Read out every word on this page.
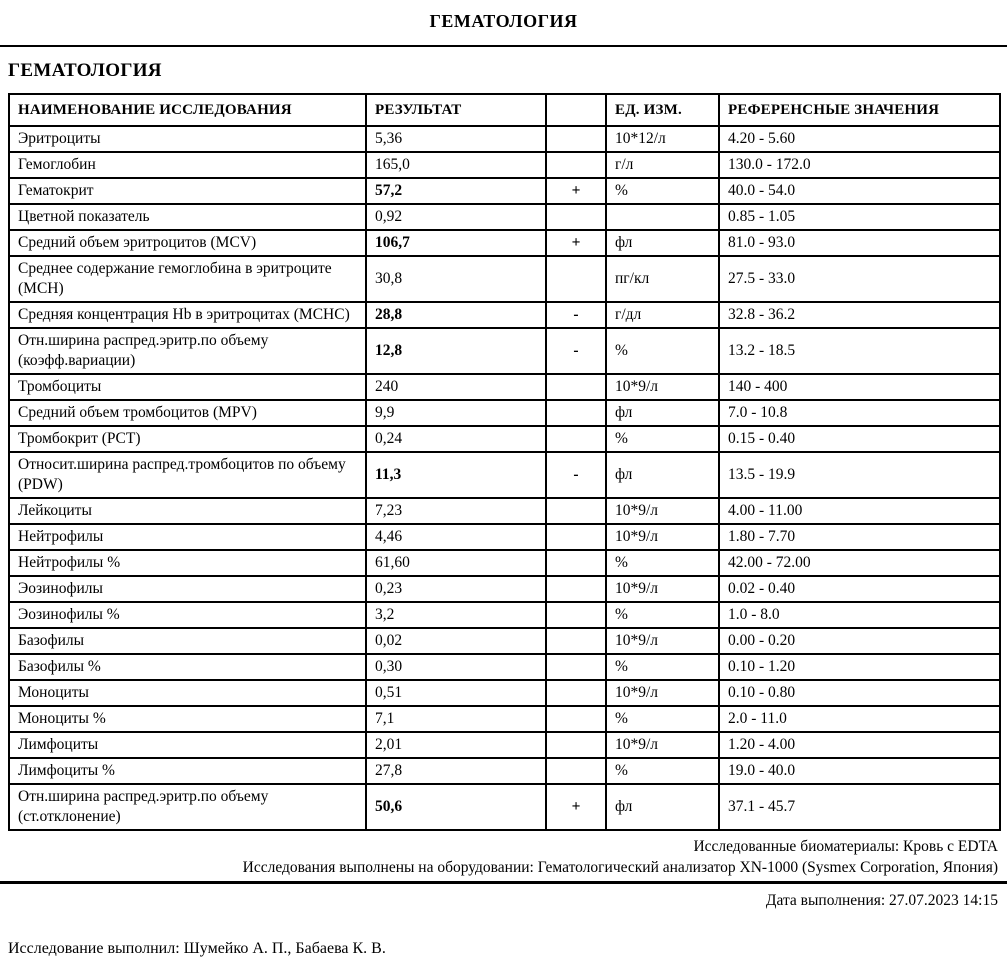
ГЕМАТОЛОГИЯ
ГЕМАТОЛОГИЯ
НАИМЕНОВАНИЕ ИССЛЕДОВАНИЯ	РЕЗУЛЬТАТ		ЕД. ИЗМ.	РЕФЕРЕНСНЫЕ ЗНАЧЕНИЯ
Эритроциты	5,36		10*12/л	4.20 - 5.60
Гемоглобин	165,0		г/л	130.0 - 172.0
Гематокрит	57,2	+	%	40.0 - 54.0
Цветной показатель	0,92			0.85 - 1.05
Средний объем эритроцитов (MCV)	106,7	+	фл	81.0 - 93.0
Среднее содержание гемоглобина в эритроците (MCH)	30,8		пг/кл	27.5 - 33.0
Средняя концентрация Hb в эритроцитах (MCHC)	28,8	-	г/дл	32.8 - 36.2
Отн.ширина распред.эритр.по объему (коэфф.вариации)	12,8	-	%	13.2 - 18.5
Тромбоциты	240		10*9/л	140 - 400
Средний объем тромбоцитов (MPV)	9,9		фл	7.0 - 10.8
Тромбокрит (PCT)	0,24		%	0.15 - 0.40
Относит.ширина распред.тромбоцитов по объему (PDW)	11,3	-	фл	13.5 - 19.9
Лейкоциты	7,23		10*9/л	4.00 - 11.00
Нейтрофилы	4,46		10*9/л	1.80 - 7.70
Нейтрофилы %	61,60		%	42.00 - 72.00
Эозинофилы	0,23		10*9/л	0.02 - 0.40
Эозинофилы %	3,2		%	1.0 - 8.0
Базофилы	0,02		10*9/л	0.00 - 0.20
Базофилы %	0,30		%	0.10 - 1.20
Моноциты	0,51		10*9/л	0.10 - 0.80
Моноциты %	7,1		%	2.0 - 11.0
Лимфоциты	2,01		10*9/л	1.20 - 4.00
Лимфоциты %	27,8		%	19.0 - 40.0
Отн.ширина распред.эритр.по объему (ст.отклонение)	50,6	+	фл	37.1 - 45.7
Исследованные биоматериалы: Кровь с EDTA
Исследования выполнены на оборудовании: Гематологический анализатор XN-1000 (Sysmex Corporation, Япония)
Дата выполнения: 27.07.2023 14:15
Исследование выполнил: Шумейко А. П., Бабаева К. В.
